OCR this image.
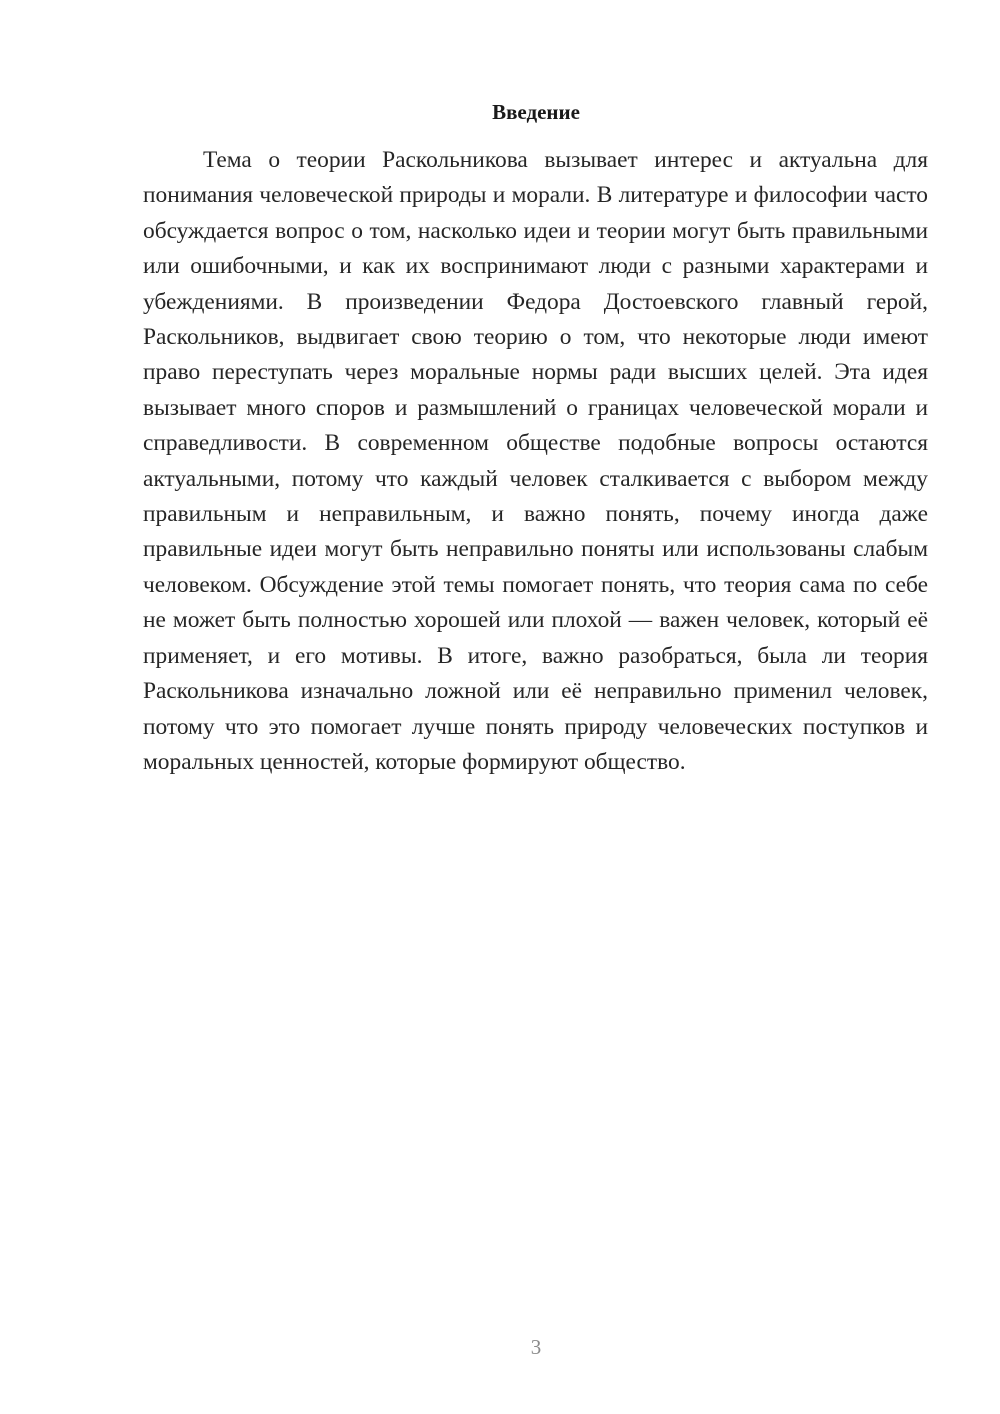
Введение

Тема о теории Раскольникова вызывает интерес и актуальна для понимания человеческой природы и морали. В литературе и философии часто обсуждается вопрос о том, насколько идеи и теории могут быть правильными или ошибочными, и как их воспринимают люди с разными характерами и убеждениями. В произведении Федора Достоевского главный герой, Раскольников, выдвигает свою теорию о том, что некоторые люди имеют право переступать через моральные нормы ради высших целей. Эта идея вызывает много споров и размышлений о границах человеческой морали и справедливости. В современном обществе подобные вопросы остаются актуальными, потому что каждый человек сталкивается с выбором между правильным и неправильным, и важно понять, почему иногда даже правильные идеи могут быть неправильно поняты или использованы слабым человеком. Обсуждение этой темы помогает понять, что теория сама по себе не может быть полностью хорошей или плохой — важен человек, который её применяет, и его мотивы. В итоге, важно разобраться, была ли теория Раскольникова изначально ложной или её неправильно применил человек, потому что это помогает лучше понять природу человеческих поступков и моральных ценностей, которые формируют общество.

3
